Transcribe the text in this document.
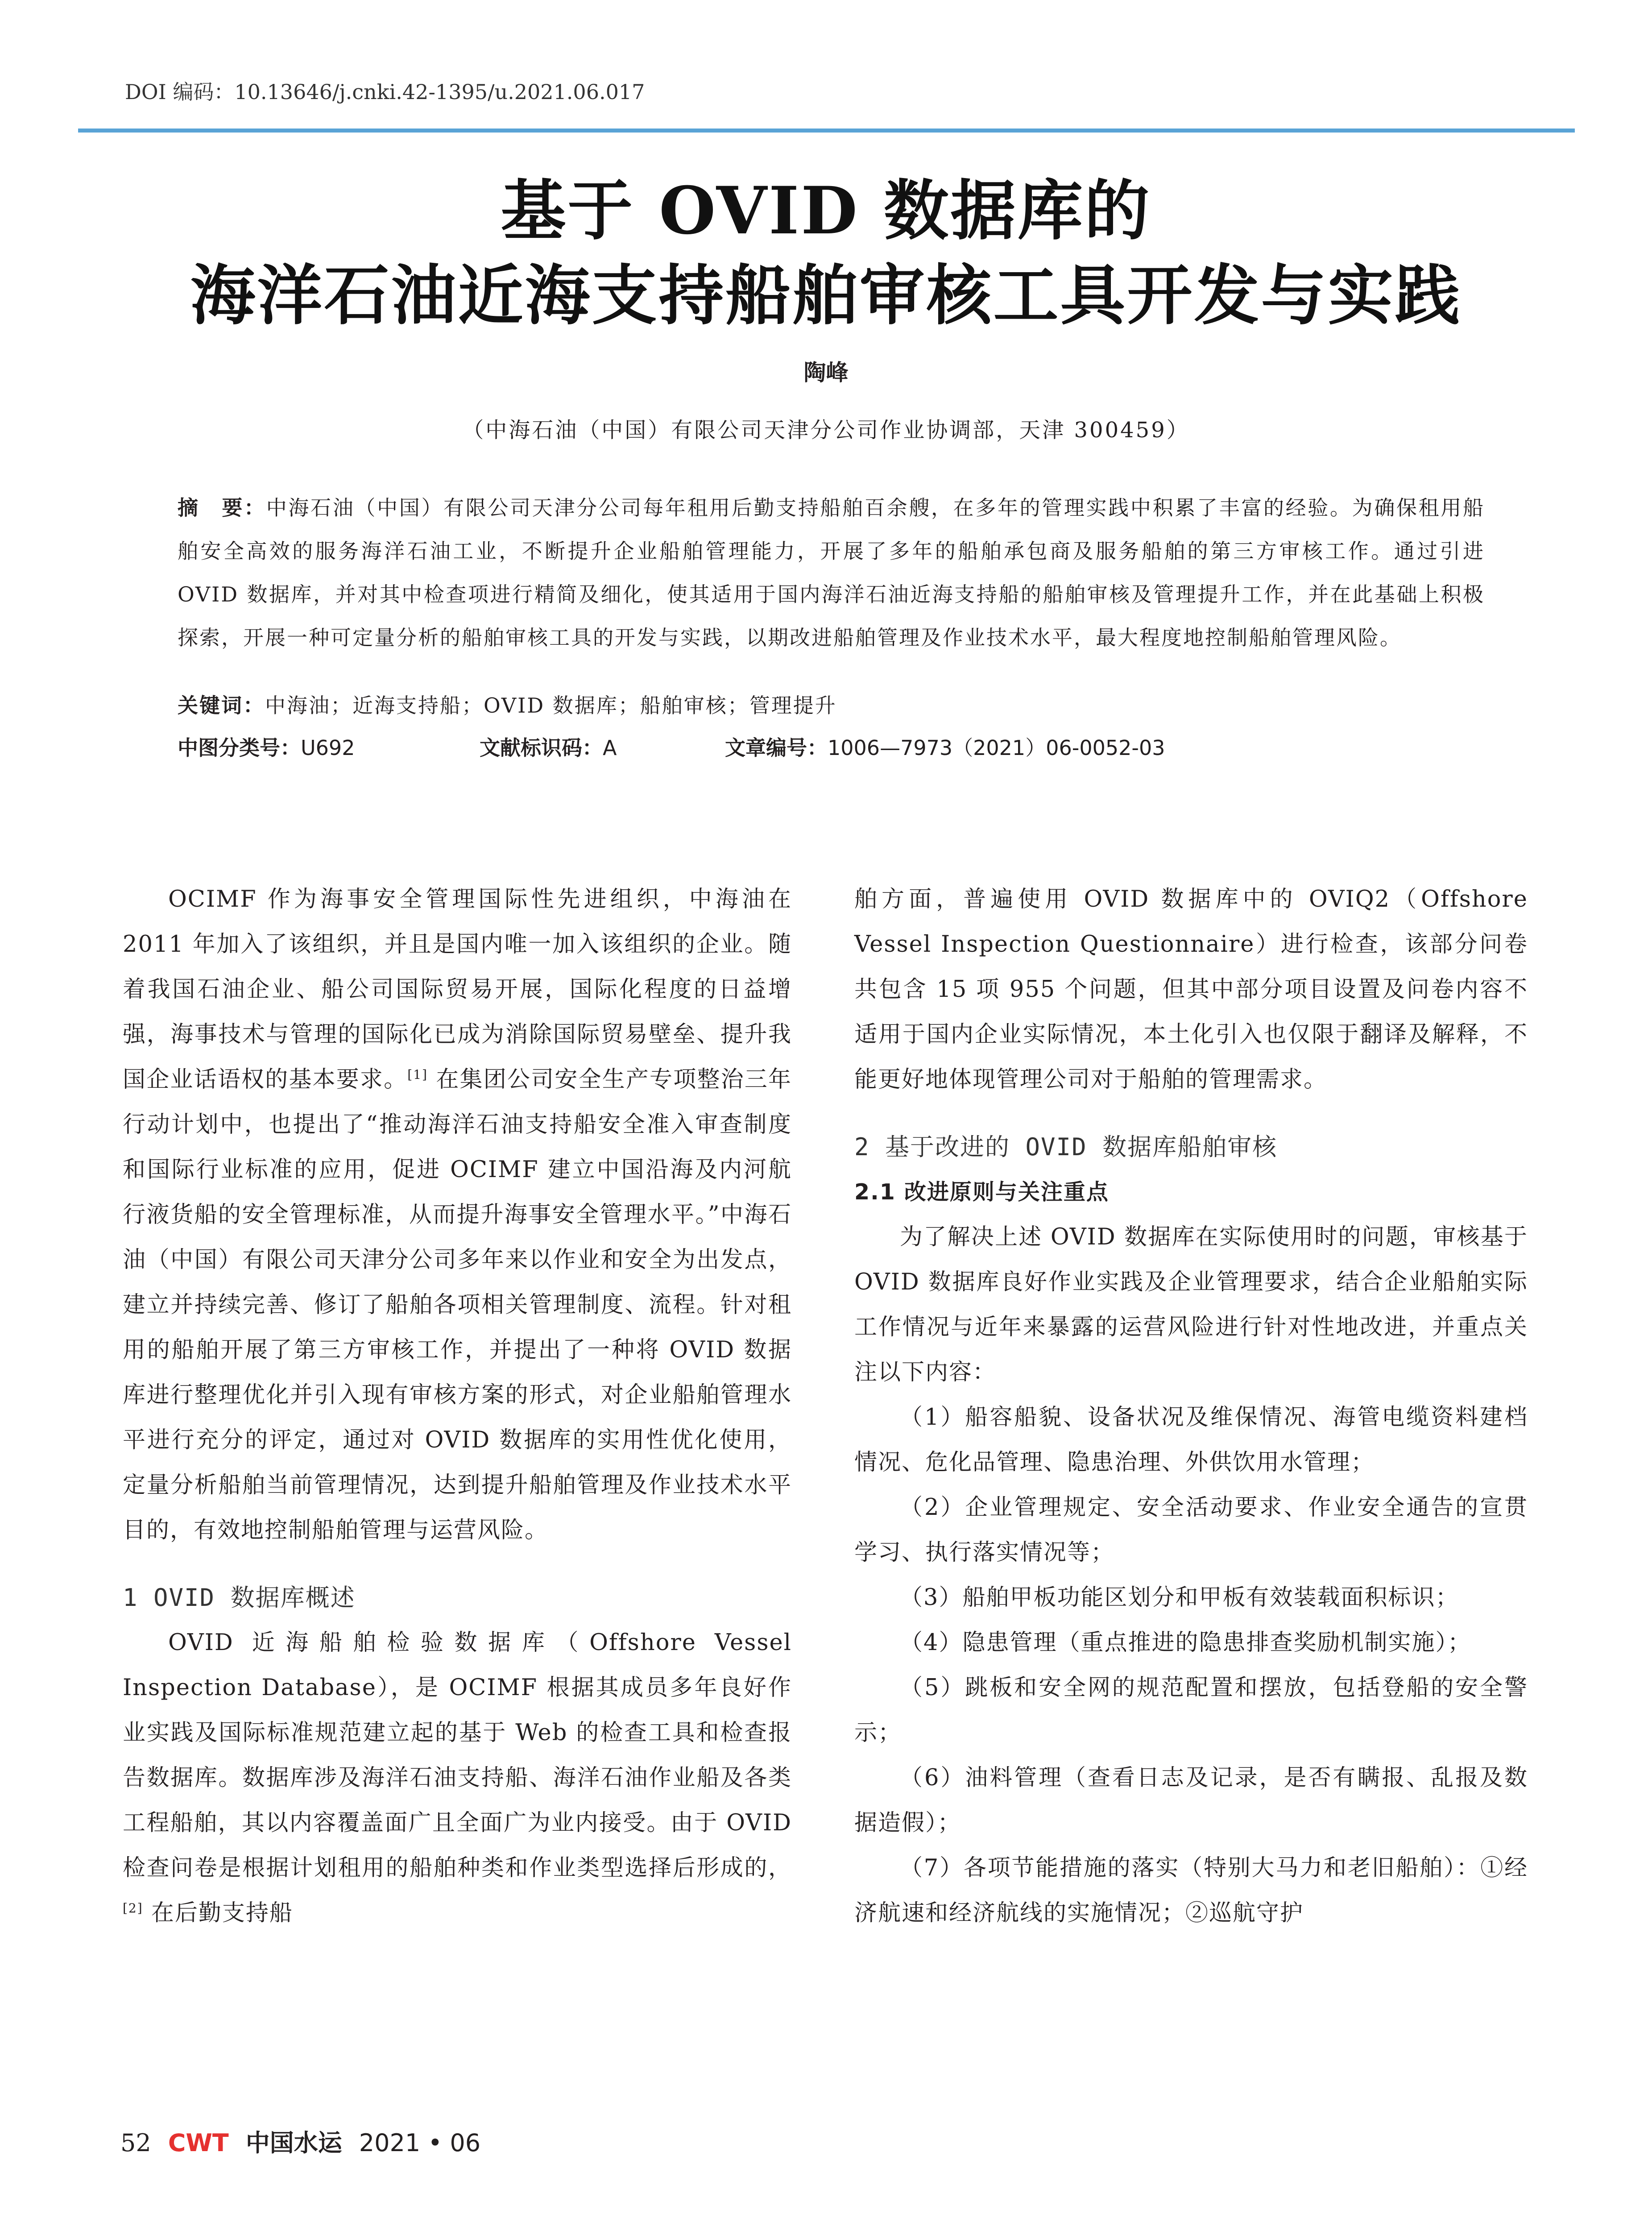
DOI 编码：10.13646/j.cnki.42-1395/u.2021.06.017
基于 OVID 数据库的
海洋石油近海支持船舶审核工具开发与实践
陶峰
（中海石油（中国）有限公司天津分公司作业协调部，天津 300459）
摘　要：中海石油（中国）有限公司天津分公司每年租用后勤支持船舶百余艘，在多年的管理实践中积累了丰富的经验。为确保租用船舶安全高效的服务海洋石油工业，不断提升企业船舶管理能力，开展了多年的船舶承包商及服务船舶的第三方审核工作。通过引进 OVID 数据库，并对其中检查项进行精简及细化，使其适用于国内海洋石油近海支持船的船舶审核及管理提升工作，并在此基础上积极探索，开展一种可定量分析的船舶审核工具的开发与实践，以期改进船舶管理及作业技术水平，最大程度地控制船舶管理风险。
关键词：中海油；近海支持船；OVID 数据库；船舶审核；管理提升
中图分类号：U692	文献标识码：A	文章编号：1006—7973（2021）06-0052-03

OCIMF 作为海事安全管理国际性先进组织，中海油在 2011 年加入了该组织，并且是国内唯一加入该组织的企业。随着我国石油企业、船公司国际贸易开展，国际化程度的日益增强，海事技术与管理的国际化已成为消除国际贸易壁垒、提升我国企业话语权的基本要求。[1] 在集团公司安全生产专项整治三年行动计划中，也提出了“推动海洋石油支持船安全准入审查制度和国际行业标准的应用，促进 OCIMF 建立中国沿海及内河航行液货船的安全管理标准，从而提升海事安全管理水平。”中海石油（中国）有限公司天津分公司多年来以作业和安全为出发点，建立并持续完善、修订了船舶各项相关管理制度、流程。针对租用的船舶开展了第三方审核工作，并提出了一种将 OVID 数据库进行整理优化并引入现有审核方案的形式，对企业船舶管理水平进行充分的评定，通过对 OVID 数据库的实用性优化使用，定量分析船舶当前管理情况，达到提升船舶管理及作业技术水平目的，有效地控制船舶管理与运营风险。

1 OVID 数据库概述

OVID 近海船舶检验数据库（Offshore Vessel Inspection Database），是 OCIMF 根据其成员多年良好作业实践及国际标准规范建立起的基于 Web 的检查工具和检查报告数据库。数据库涉及海洋石油支持船、海洋石油作业船及各类工程船舶，其以内容覆盖面广且全面广为业内接受。由于 OVID 检查问卷是根据计划租用的船舶种类和作业类型选择后形成的，[2] 在后勤支持船

舶方面，普遍使用 OVID 数据库中的 OVIQ2（Offshore Vessel Inspection Questionnaire）进行检查，该部分问卷共包含 15 项 955 个问题，但其中部分项目设置及问卷内容不适用于国内企业实际情况，本土化引入也仅限于翻译及解释，不能更好地体现管理公司对于船舶的管理需求。

2 基于改进的 OVID 数据库船舶审核

2.1 改进原则与关注重点

为了解决上述 OVID 数据库在实际使用时的问题，审核基于 OVID 数据库良好作业实践及企业管理要求，结合企业船舶实际工作情况与近年来暴露的运营风险进行针对性地改进，并重点关注以下内容：

（1）船容船貌、设备状况及维保情况、海管电缆资料建档情况、危化品管理、隐患治理、外供饮用水管理；

（2）企业管理规定、安全活动要求、作业安全通告的宣贯学习、执行落实情况等；

（3）船舶甲板功能区划分和甲板有效装载面积标识；

（4）隐患管理（重点推进的隐患排查奖励机制实施）；

（5）跳板和安全网的规范配置和摆放，包括登船的安全警示；

（6）油料管理（查看日志及记录，是否有瞒报、乱报及数据造假）；

（7）各项节能措施的落实（特别大马力和老旧船舶）：①经济航速和经济航线的实施情况；②巡航守护

52 CWT 中国水运 2021 • 06
